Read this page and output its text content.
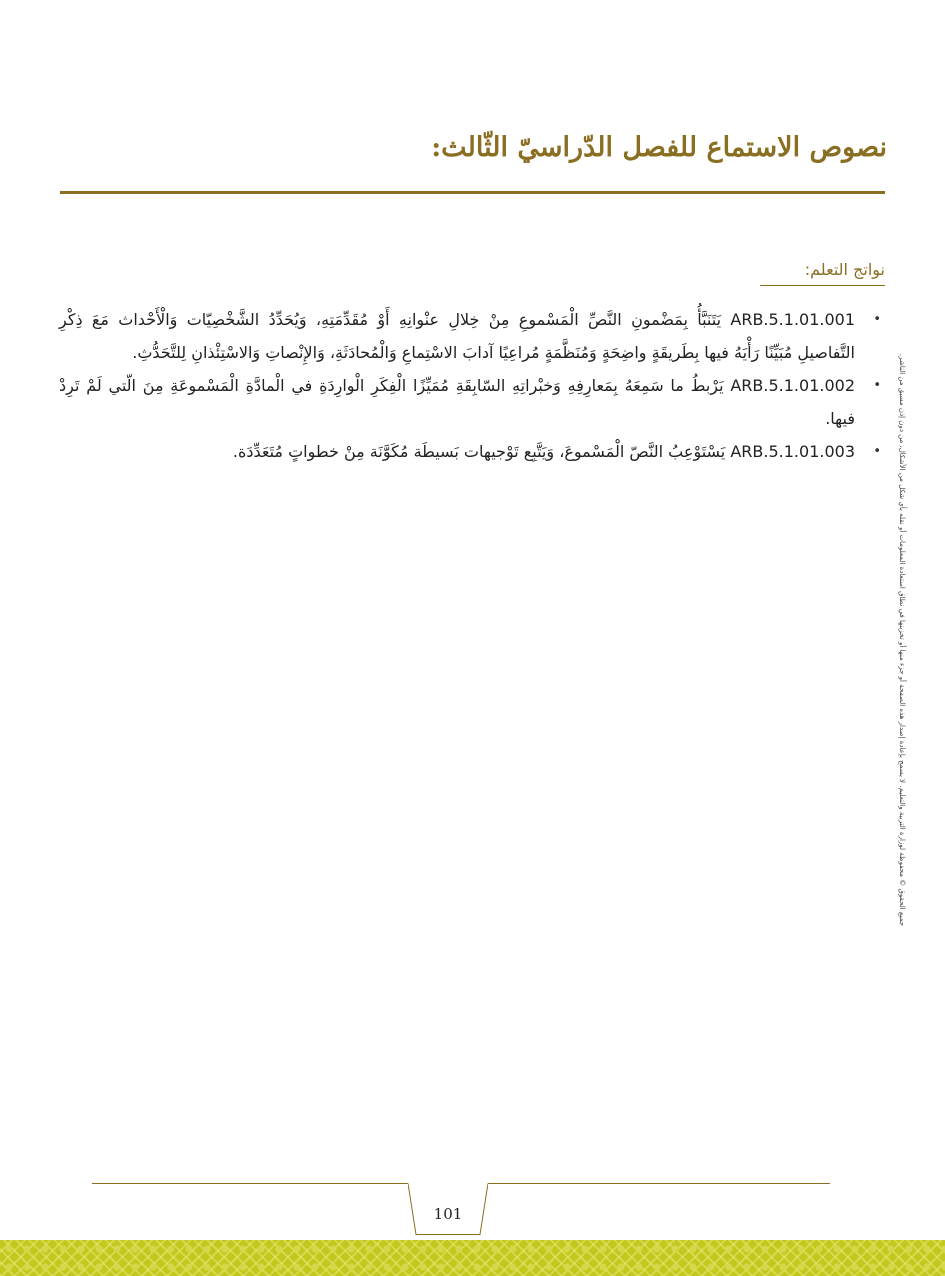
نصوص الاستماع للفصل الدّراسيّ الثّالث:
نواتج التعلم:
•
ARB.5.1.01.001 يَتَنَبَّأُ بِمَضْمونِ النَّصِّ الْمَسْموعِ مِنْ خِلالِ عنْوانِهِ أَوْ مُقَدِّمَتِهِ، وَيُحَدِّدُ الشَّخْصِيّات وَالْأَحْداث مَعَ ذِكْرِ التَّفاصيلِ مُبَيِّنًا رَأْيَهُ فيها بِطَريقَةٍ واضِحَةٍ وَمُنَظَّمَةٍ مُراعِيًا آدابَ الاسْتِماعِ وَالْمُحادَثَةِ، وَالإِنْصاتِ وَالاسْتِئْذانِ لِلتَّحَدُّثِ.
•
ARB.5.1.01.002 يَرْبطُ ما سَمِعَهُ بِمَعارِفِهِ وَخبْراتِهِ السّابِقَةِ مُمَيِّزًا الْفِكَرِ الْوارِدَةِ في الْمادَّةِ الْمَسْموعَةِ مِنَ الّتي لَمْ تَرِدْ فيها.
•
ARB.5.1.01.003 يَسْتَوْعِبُ النَّصّ الْمَسْموعَ، وَيَتَّبِع تَوْجيهات بَسيطَة مُكَوَّنَة مِنْ خطواتٍ مُتَعَدِّدَة.	جميع الحقوق © محفوظة لوزارة التربية والتعليم. لا يسمح بإعادة إصدار هذه الصفحة أو جزء منها أو تخزينها في نطاق استعادة المعلومات أو نقله بأي شكل من الأشكال، من دون إذن مسبق من الناشر.
101
